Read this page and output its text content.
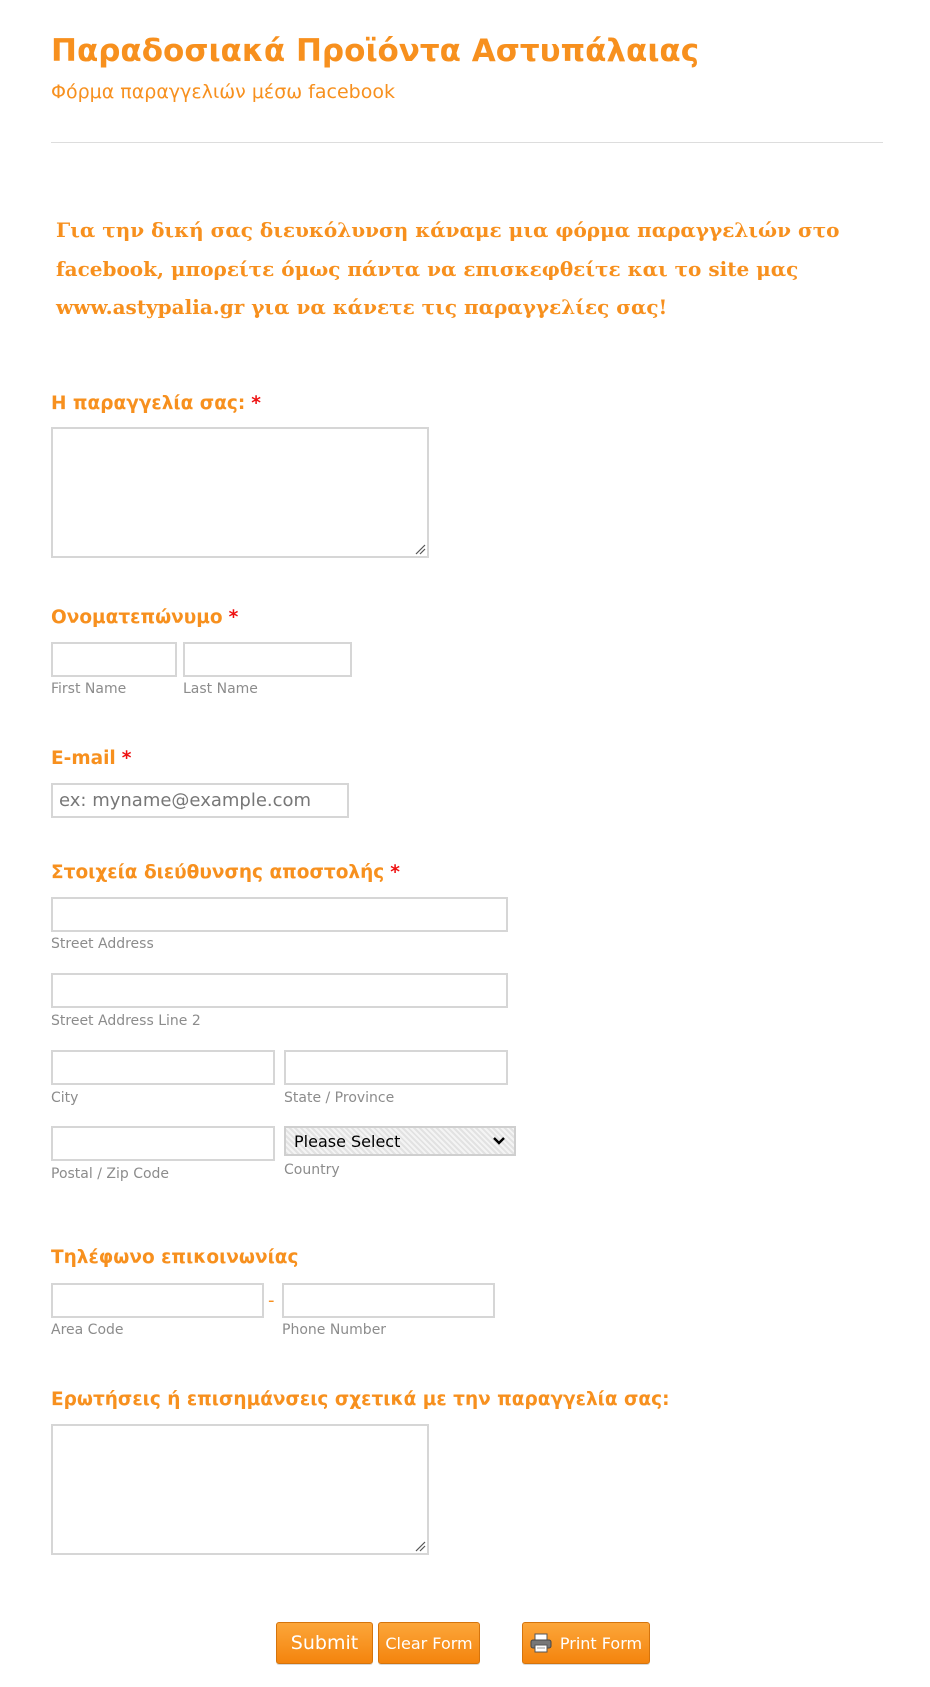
Παραδοσιακά Προϊόντα Αστυπάλαιας
Φόρμα παραγγελιών μέσω facebook
Για την δική σας διευκόλυνση κάναμε μια φόρμα παραγγελιών στο facebook, μπορείτε όμως πάντα να επισκεφθείτε και το site μας www.astypalia.gr για να κάνετε τις παραγγελίες σας!
Η παραγγελία σας: *
Ονοματεπώνυμο *
First Name	Last Name
E-mail *
ex: myname@example.com
Στοιχεία διεύθυνσης αποστολής *
Street Address
Street Address Line 2
City	State / Province
Please Select
Postal / Zip Code	Country
Τηλέφωνο επικοινωνίας
-
Area Code	Phone Number
Ερωτήσεις ή επισημάνσεις σχετικά με την παραγγελία σας:
Submit	Clear Form	Print Form
